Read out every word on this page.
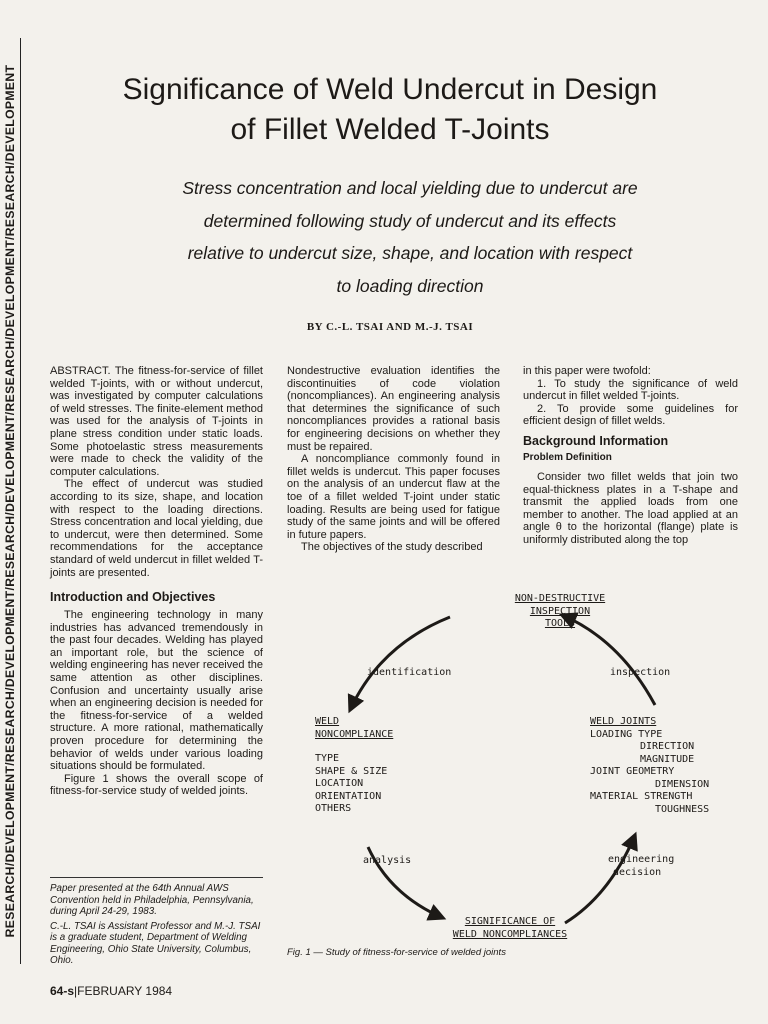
RESEARCH/DEVELOPMENT/RESEARCH/DEVELOPMENT/RESEARCH/DEVELOPMENT/RESEARCH/DEVELOPMENT/RESEARCH/DEVELOPMENT	Significance of Weld Undercut in Design
of Fillet Welded T-Joints
Stress concentration and local yielding due to undercut are
determined following study of undercut and its effects
relative to undercut size, shape, and location with respect
to loading direction
BY C.-L. TSAI AND M.-J. TSAI

ABSTRACT. The fitness-for-service of fillet welded T-joints, with or without undercut, was investigated by computer calculations of weld stresses. The finite-element method was used for the analysis of T-joints in plane stress condition under static loads. Some photoelastic stress measurements were made to check the validity of the computer calculations.

The effect of undercut was studied according to its size, shape, and location with respect to the loading directions. Stress concentration and local yielding, due to undercut, were then determined. Some recommendations for the acceptance standard of weld undercut in fillet welded T-joints are presented.

Introduction and Objectives

The engineering technology in many industries has advanced tremendously in the past four decades. Welding has played an important role, but the science of welding engineering has never received the same attention as other disciplines. Confusion and uncertainty usually arise when an engineering decision is needed for the fitness-for-service of a welded structure. A more rational, mathematically proven procedure for determining the behavior of welds under various loading situations should be formulated.

Figure 1 shows the overall scope of fitness-for-service study of welded joints.

Paper presented at the 64th Annual AWS Convention held in Philadelphia, Pennsylvania, during April 24-29, 1983.

C.-L. TSAI is Assistant Professor and M.-J. TSAI is a graduate student, Department of Welding Engineering, Ohio State University, Columbus, Ohio.

Nondestructive evaluation identifies the discontinuities of code violation (noncompliances). An engineering analysis that determines the significance of such noncompliances provides a rational basis for engineering decisions on whether they must be repaired.

A noncompliance commonly found in fillet welds is undercut. This paper focuses on the analysis of an undercut flaw at the toe of a fillet welded T-joint under static loading. Results are being used for fatigue study of the same joints and will be offered in future papers.

The objectives of the study described

in this paper were twofold:

1. To study the significance of weld undercut in fillet welded T-joints.

2. To provide some guidelines for efficient design of fillet welds.

Background Information
Problem Definition

Consider two fillet welds that join two equal-thickness plates in a T-shape and transmit the applied loads from one member to another. The load applied at an angle θ to the horizontal (flange) plate is uniformly distributed along the top

NON-DESTRUCTIVE
INSPECTION
TOOLS
identification	inspection
WELD
NONCOMPLIANCE
TYPE
SHAPE & SIZE
LOCATION
ORIENTATION
OTHERS
WELD JOINTS
LOADING TYPE
DIRECTION
MAGNITUDE
JOINT GEOMETRY
DIMENSION
MATERIAL STRENGTH
TOUGHNESS
analysis	engineering
decision
SIGNIFICANCE OF
WELD NONCOMPLIANCES
Fig. 1 — Study of fitness-for-service of welded joints
64-s|FEBRUARY 1984
